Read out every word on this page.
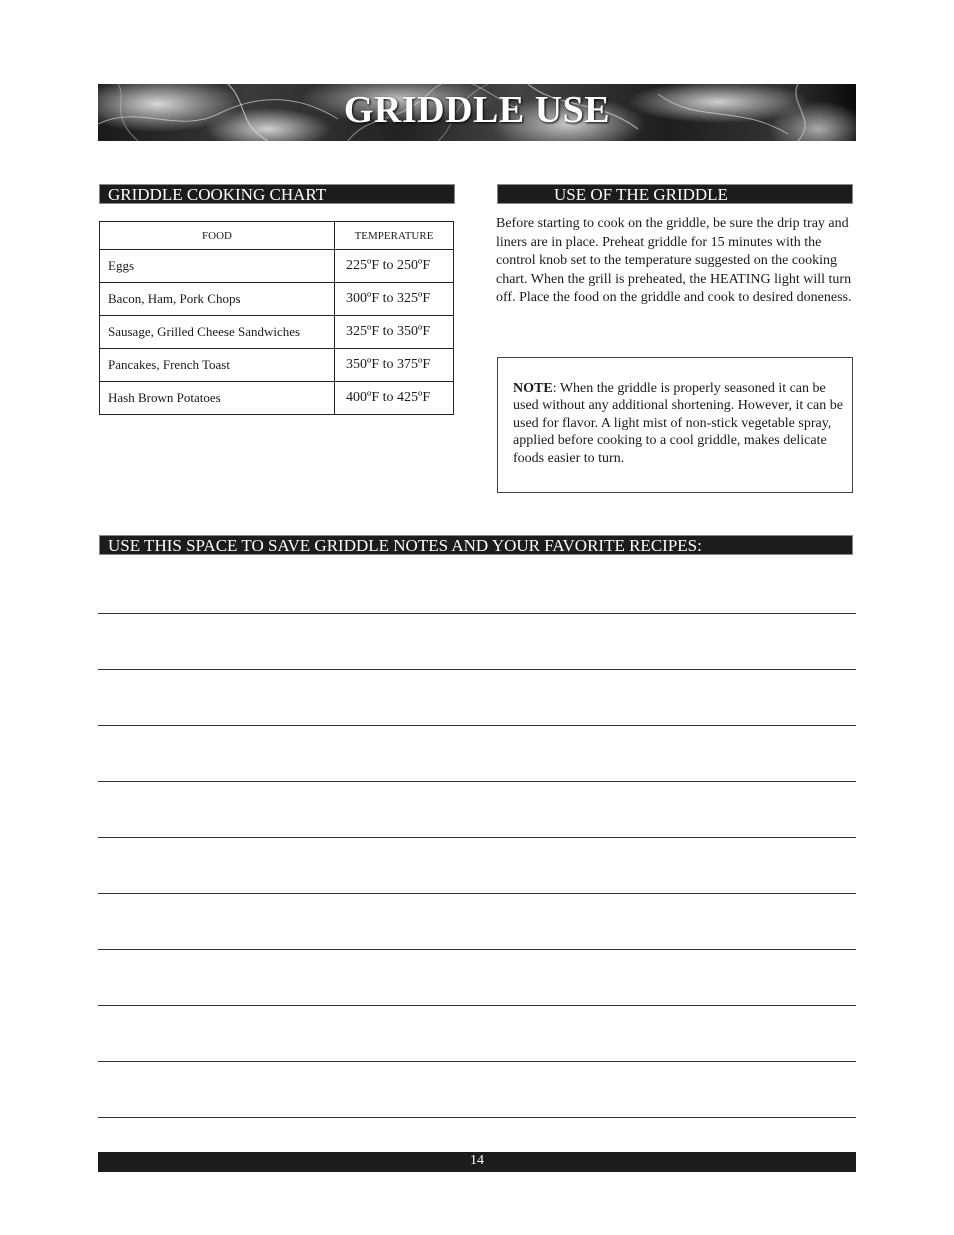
GRIDDLE USE
GRIDDLE COOKING CHART
FOOD	TEMPERATURE
Eggs	225ºF to 250ºF
Bacon, Ham, Pork Chops	300ºF to 325ºF
Sausage, Grilled Cheese Sandwiches	325ºF to 350ºF
Pancakes, French Toast	350ºF to 375ºF
Hash Brown Potatoes	400ºF to 425ºF
USE OF THE GRIDDLE

Before starting to cook on the griddle, be sure the drip tray and liners are in place. Preheat griddle for 15 minutes with the control knob set to the temperature suggested on the cooking chart. When the grill is preheated, the HEATING light will turn off. Place the food on the griddle and cook to desired doneness.

NOTE: When the griddle is properly seasoned it can be used without any additional shortening. However, it can be used for flavor. A light mist of non-stick vegetable spray, applied before cooking to a cool griddle, makes delicate foods easier to turn.

USE THIS SPACE TO SAVE GRIDDLE NOTES AND YOUR FAVORITE RECIPES:
14
